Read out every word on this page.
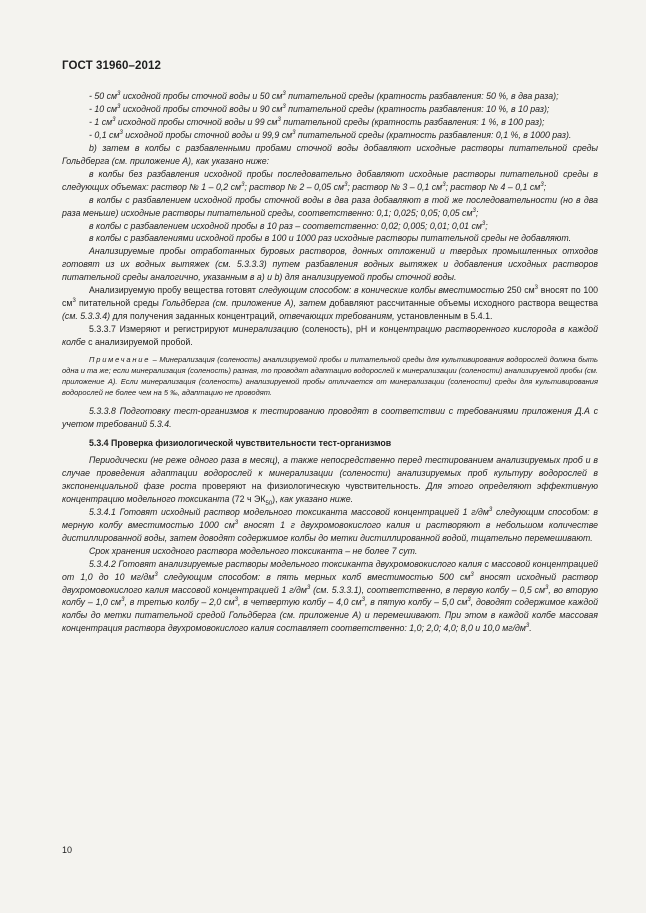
ГОСТ 31960–2012

- 50 $см^3$ исходной пробы сточной воды и 50 $см^3$ питательной среды (кратность разбавления: 50 %, в два раза);

- 10 $см^3$ исходной пробы сточной воды и 90 $см^3$ питательной среды (кратность разбавления: 10 %, в 10 раз);

- 1 $см^3$ исходной пробы сточной воды и 99 $см^3$ питательной среды (кратность разбавления: 1 %, в 100 раз);

- 0,1 $см^3$ исходной пробы сточной воды и 99,9 $см^3$ питательной среды (кратность разбавления: 0,1 %, в 1000 раз).

b) затем в колбы с разбавленными пробами сточной воды добавляют исходные растворы питательной среды Гольдберга (см. приложение А), как указано ниже:

в колбы без разбавления исходной пробы последовательно добавляют исходные растворы питательной среды в следующих объемах: раствор № 1 – 0,2 $см^3$; раствор № 2 – 0,05 $см^3$; раствор № 3 – 0,1 $см^3$; раствор № 4 – 0,1 $см^3$;

в колбы с разбавлением исходной пробы сточной воды в два раза добавляют в той же последовательности (но в два раза меньше) исходные растворы питательной среды, соответственно: 0,1; 0,025; 0,05; 0,05 $см^3$;

в колбы с разбавлением исходной пробы в 10 раз – соответственно: 0,02; 0,005; 0,01; 0,01 $см^3$;

в колбы с разбавлениями исходной пробы в 100 и 1000 раз исходные растворы питательной среды не добавляют.

Анализируемые пробы отработанных буровых растворов, донных отложений и твердых промышленных отходов готовят из их водных вытяжек (см. 5.3.3.3) путем разбавления водных вытяжек и добавления исходных растворов питательной среды аналогично, указанным в а) и b) для анализируемой пробы сточной воды.

Анализируемую пробу вещества готовят следующим способом: в конические колбы вместимостью 250 $см^3$ вносят по 100 $см^3$ питательной среды Гольдберга (см. приложение А), затем добавляют рассчитанные объемы исходного раствора вещества (см. 5.3.3.4) для получения заданных концентраций, отвечающих требованиям, установленным в 5.4.1.

5.3.3.7 Измеряют и регистрируют минерализацию (соленость), pH и концентрацию растворенного кислорода в каждой колбе с анализируемой пробой.

Примечание – Минерализация (соленость) анализируемой пробы и питательной среды для культивирования водорослей должна быть одна и та же; если минерализация (соленость) разная, то проводят адаптацию водорослей к минерализации (солености) анализируемой пробы (см. приложение А). Если минерализация (соленость) анализируемой пробы отличается от минерализации (солености) среды для культивирования водорослей не более чем на 5 ‰, адаптацию не проводят.

5.3.3.8 Подготовку тест-организмов к тестированию проводят в соответствии с требованиями приложения Д.А с учетом требований 5.3.4.

5.3.4 Проверка физиологической чувствительности тест-организмов

Периодически (не реже одного раза в месяц), а также непосредственно перед тестированием анализируемых проб и в случае проведения адаптации водорослей к минерализации (солености) анализируемых проб культуру водорослей в экспоненциальной фазе роста проверяют на физиологическую чувствительность. Для этого определяют эффективную концентрацию модельного токсиканта (72 ч $ЭК_{50}$), как указано ниже.

5.3.4.1 Готовят исходный раствор модельного токсиканта массовой концентрацией 1 $г/дм^3$ следующим способом: в мерную колбу вместимостью 1000 $см^3$ вносят 1 г двухромовокислого калия и растворяют в небольшом количестве дистиллированной воды, затем доводят содержимое колбы до метки дистиллированной водой, тщательно перемешивают.

Срок хранения исходного раствора модельного токсиканта – не более 7 сут.

5.3.4.2 Готовят анализируемые растворы модельного токсиканта двухромовокислого калия с массовой концентрацией от 1,0 до 10 $мг/дм^3$ следующим способом: в пять мерных колб вместимостью 500 $см^3$ вносят исходный раствор двухромовокислого калия массовой концентрацией 1 $г/дм^3$ (см. 5.3.3.1), соответственно, в первую колбу – 0,5 $см^3$, во вторую колбу – 1,0 $см^3$, в третью колбу – 2,0 $см^3$, в четвертую колбу – 4,0 $см^3$, в пятую колбу – 5,0 $см^3$, доводят содержимое каждой колбы до метки питательной средой Гольдберга (см. приложение А) и перемешивают. При этом в каждой колбе массовая концентрация раствора двухромовокислого калия составляет соответственно: 1,0; 2,0; 4,0; 8,0 и 10,0 $мг/дм^3$.

10
